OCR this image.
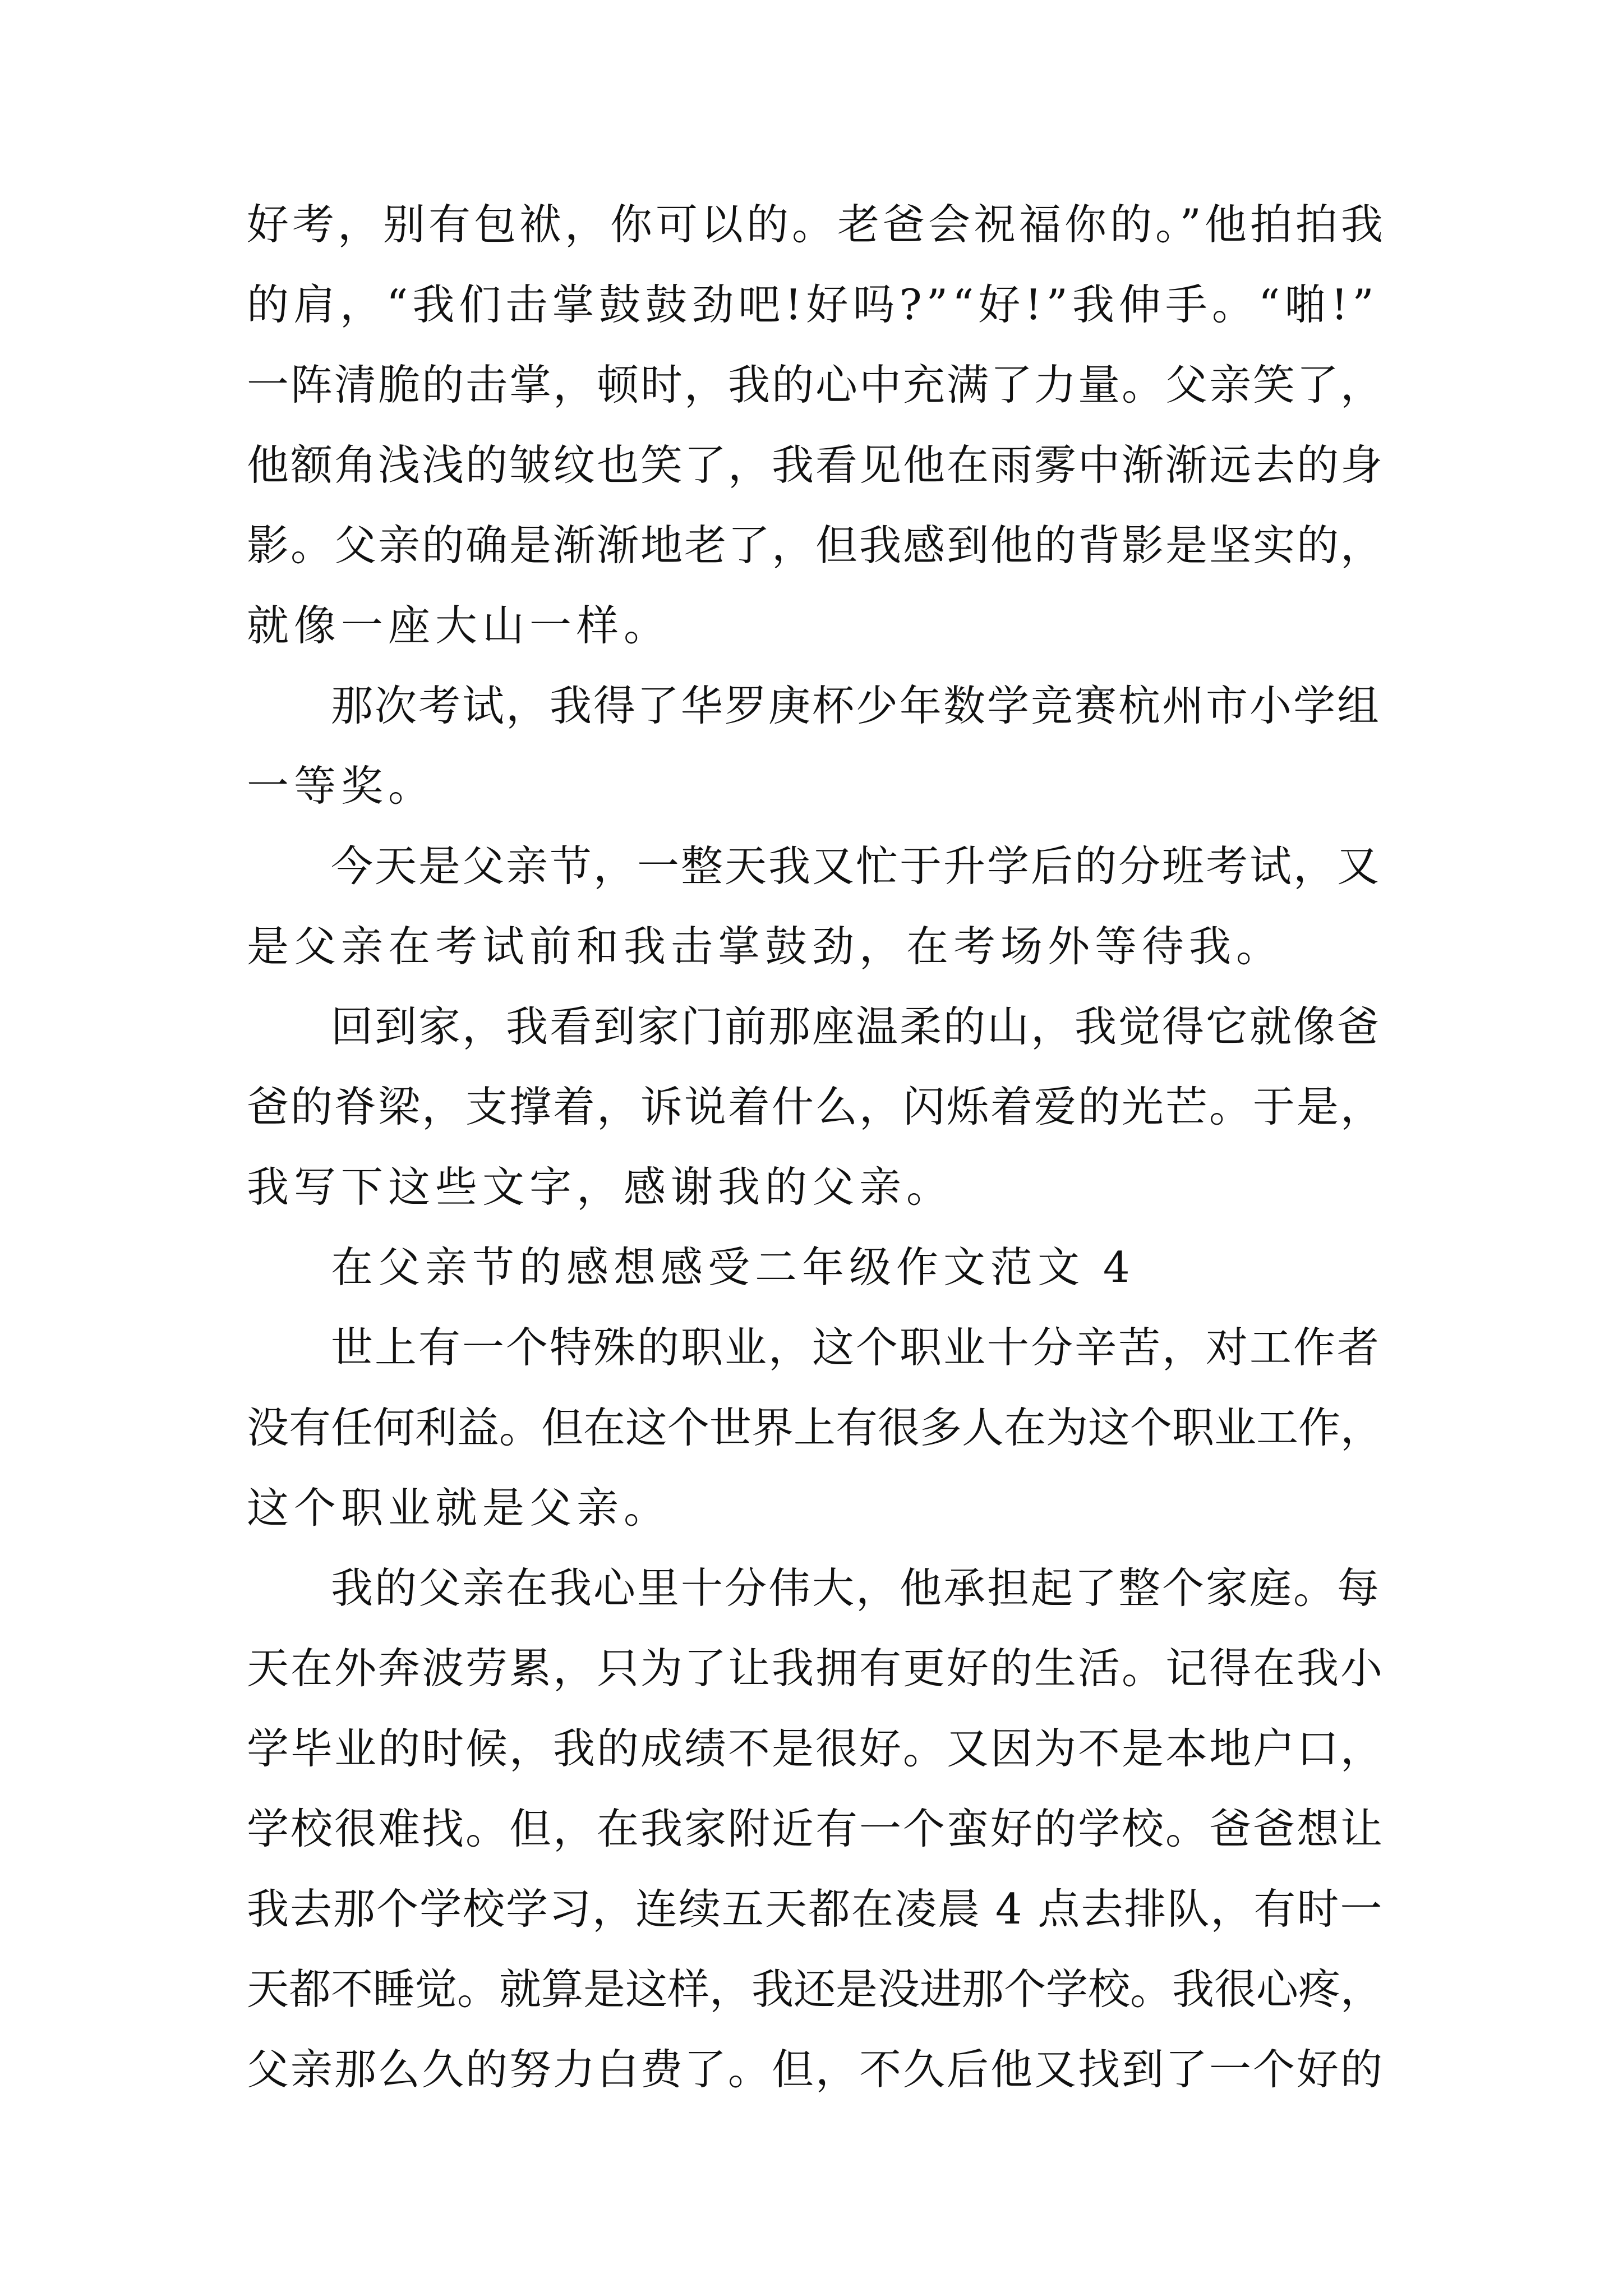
好考，别有包袱，你可以的。老爸会祝福你的。”他拍拍我
的肩，“我们击掌鼓鼓劲吧!好吗?”“好!”我伸手。“啪!”
一阵清脆的击掌，顿时，我的心中充满了力量。父亲笑了，
他额角浅浅的皱纹也笑了，我看见他在雨雾中渐渐远去的身
影。父亲的确是渐渐地老了，但我感到他的背影是坚实的，
就像一座大山一样。
那次考试，我得了华罗庚杯少年数学竞赛杭州市小学组
一等奖。
今天是父亲节，一整天我又忙于升学后的分班考试，又
是父亲在考试前和我击掌鼓劲，在考场外等待我。
回到家，我看到家门前那座温柔的山，我觉得它就像爸
爸的脊梁，支撑着，诉说着什么，闪烁着爱的光芒。于是，
我写下这些文字，感谢我的父亲。
在父亲节的感想感受二年级作文范文 4
世上有一个特殊的职业，这个职业十分辛苦，对工作者
没有任何利益。但在这个世界上有很多人在为这个职业工作，
这个职业就是父亲。
我的父亲在我心里十分伟大，他承担起了整个家庭。每
天在外奔波劳累，只为了让我拥有更好的生活。记得在我小
学毕业的时候，我的成绩不是很好。又因为不是本地户口，
学校很难找。但，在我家附近有一个蛮好的学校。爸爸想让
我去那个学校学习，连续五天都在凌晨 4 点去排队，有时一
天都不睡觉。就算是这样，我还是没进那个学校。我很心疼，
父亲那么久的努力白费了。但，不久后他又找到了一个好的
